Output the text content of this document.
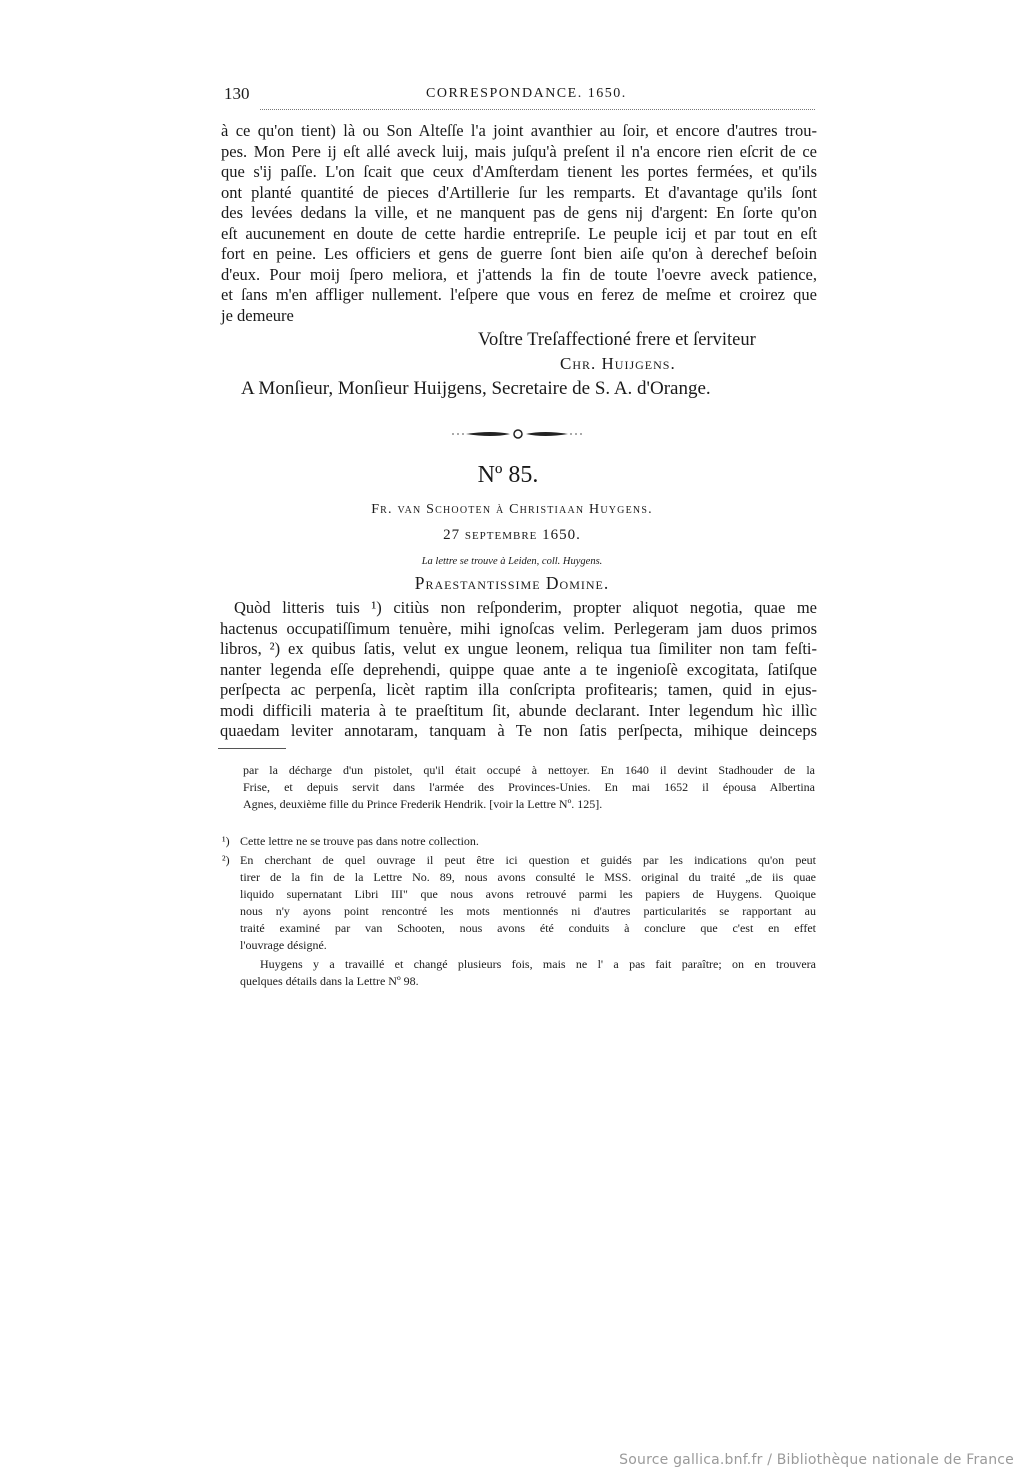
130	CORRESPONDANCE. 1650.
à ce qu'on tient) là ou Son Alteſſe l'a joint avanthier au ſoir, et encore d'autres trou-
pes. Mon Pere ij eſt allé aveck luij, mais juſqu'à preſent il n'a encore rien eſcrit de ce
que s'ij paſſe. L'on ſcait que ceux d'Amſterdam tienent les portes fermées, et qu'ils
ont planté quantité de pieces d'Artillerie ſur les remparts. Et d'avantage qu'ils ſont
des levées dedans la ville, et ne manquent pas de gens nij d'argent: En ſorte qu'on
eſt aucunement en doute de cette hardie entrepriſe. Le peuple icij et par tout en eſt
fort en peine. Les officiers et gens de guerre ſont bien aiſe qu'on à derechef beſoin
d'eux. Pour moij ſpero meliora, et j'attends la fin de toute l'oevre aveck patience,
et ſans m'en affliger nullement. l'eſpere que vous en ferez de meſme et croirez que
je demeure
Voſtre Treſaffectioné frere et ſerviteur
Chr. Huijgens.
A Monſieur, Monſieur Huijgens, Secretaire de S. A. d'Orange.
Nº 85.
Fr. van Schooten à Christiaan Huygens.
27 septembre 1650.
La lettre se trouve à Leiden, coll. Huygens.
Praestantissime Domine.
Quòd litteris tuis ¹) citiùs non reſponderim, propter aliquot negotia, quae me
hactenus occupatiſſimum tenuère, mihi ignoſcas velim. Perlegeram jam duos primos
libros, ²) ex quibus ſatis, velut ex ungue leonem, reliqua tua ſimiliter non tam feſti-
nanter legenda eſſe deprehendi, quippe quae ante a te ingenioſè excogitata, ſatiſque
perſpecta ac perpenſa, licèt raptim illa conſcripta profitearis; tamen, quid in ejus-
modi difficili materia à te praeſtitum ſit, abunde declarant. Inter legendum hìc illìc
quaedam leviter annotaram, tanquam à Te non ſatis perſpecta, mihique deinceps
par la décharge d'un pistolet, qu'il était occupé à nettoyer. En 1640 il devint Stadhouder de la
Frise, et depuis servit dans l'armée des Provinces-Unies. En mai 1652 il épousa Albertina
Agnes, deuxième fille du Prince Frederik Hendrik. [voir la Lettre Nº. 125].
¹) Cette lettre ne se trouve pas dans notre collection.
²) En cherchant de quel ouvrage il peut être ici question et guidés par les indications qu'on peut
tirer de la fin de la Lettre No. 89, nous avons consulté le MSS. original du traité „de iis quae
liquido supernatant Libri III" que nous avons retrouvé parmi les papiers de Huygens. Quoique
nous n'y ayons point rencontré les mots mentionnés ni d'autres particularités se rapportant au
traité examiné par van Schooten, nous avons été conduits à conclure que c'est en effet
l'ouvrage désigné.
Huygens y a travaillé et changé plusieurs fois, mais ne l' a pas fait paraître; on en trouvera
quelques détails dans la Lettre Nº 98.
Source gallica.bnf.fr / Bibliothèque nationale de France
